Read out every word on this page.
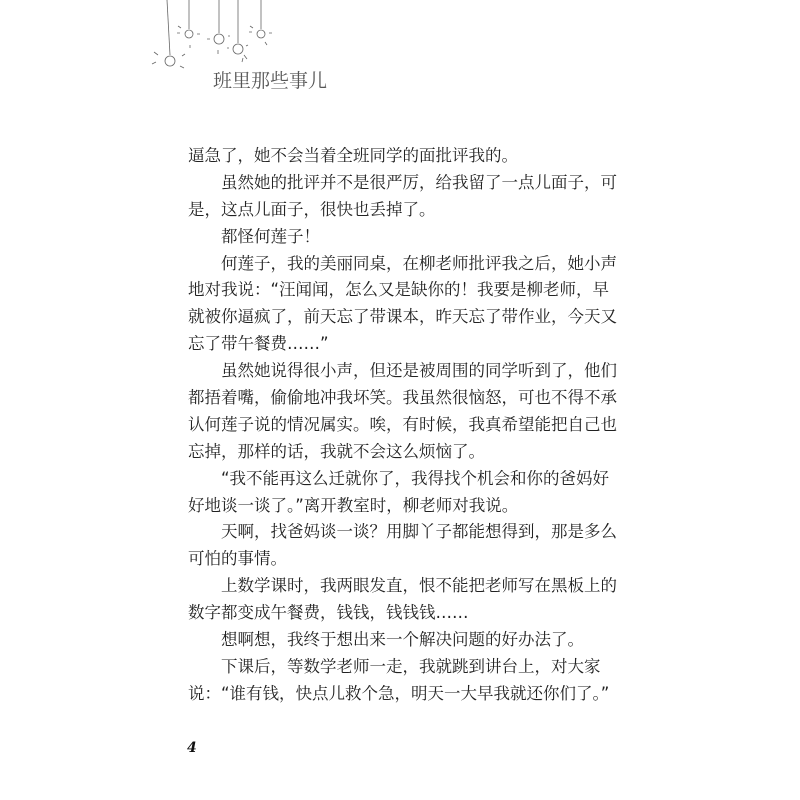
班里那些事儿
逼急了，她不会当着全班同学的面批评我的。
虽然她的批评并不是很严厉，给我留了一点儿面子，可
是，这点儿面子，很快也丢掉了。
都怪何莲子！
何莲子，我的美丽同桌，在柳老师批评我之后，她小声
地对我说：“汪闻闻，怎么又是缺你的！我要是柳老师，早
就被你逼疯了，前天忘了带课本，昨天忘了带作业，今天又
忘了带午餐费……”
虽然她说得很小声，但还是被周围的同学听到了，他们
都捂着嘴，偷偷地冲我坏笑。我虽然很恼怒，可也不得不承
认何莲子说的情况属实。唉，有时候，我真希望能把自己也
忘掉，那样的话，我就不会这么烦恼了。
“我不能再这么迁就你了，我得找个机会和你的爸妈好
好地谈一谈了。”离开教室时，柳老师对我说。
天啊，找爸妈谈一谈？用脚丫子都能想得到，那是多么
可怕的事情。
上数学课时，我两眼发直，恨不能把老师写在黑板上的
数字都变成午餐费，钱钱，钱钱钱……
想啊想，我终于想出来一个解决问题的好办法了。
下课后，等数学老师一走，我就跳到讲台上，对大家
说：“谁有钱，快点儿救个急，明天一大早我就还你们了。”
4
